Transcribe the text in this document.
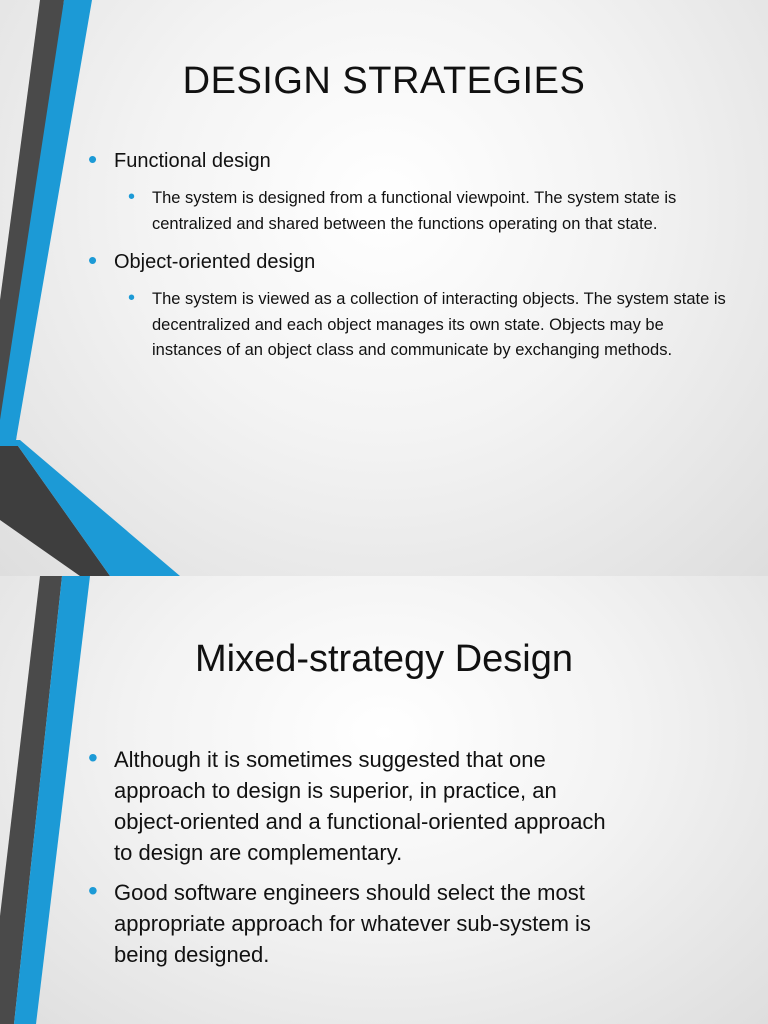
DESIGN STRATEGIES
• Functional design
• The system is designed from a functional viewpoint. The system state is centralized and shared between the functions operating on that state.
• Object-oriented design
• The system is viewed as a collection of interacting objects. The system state is decentralized and each object manages its own state. Objects may be instances of an object class and communicate by exchanging methods.
Mixed-strategy Design
• Although it is sometimes suggested that one approach to design is superior, in practice, an object-oriented and a functional-oriented approach to design are complementary.
• Good software engineers should select the most appropriate approach for whatever sub-system is being designed.
